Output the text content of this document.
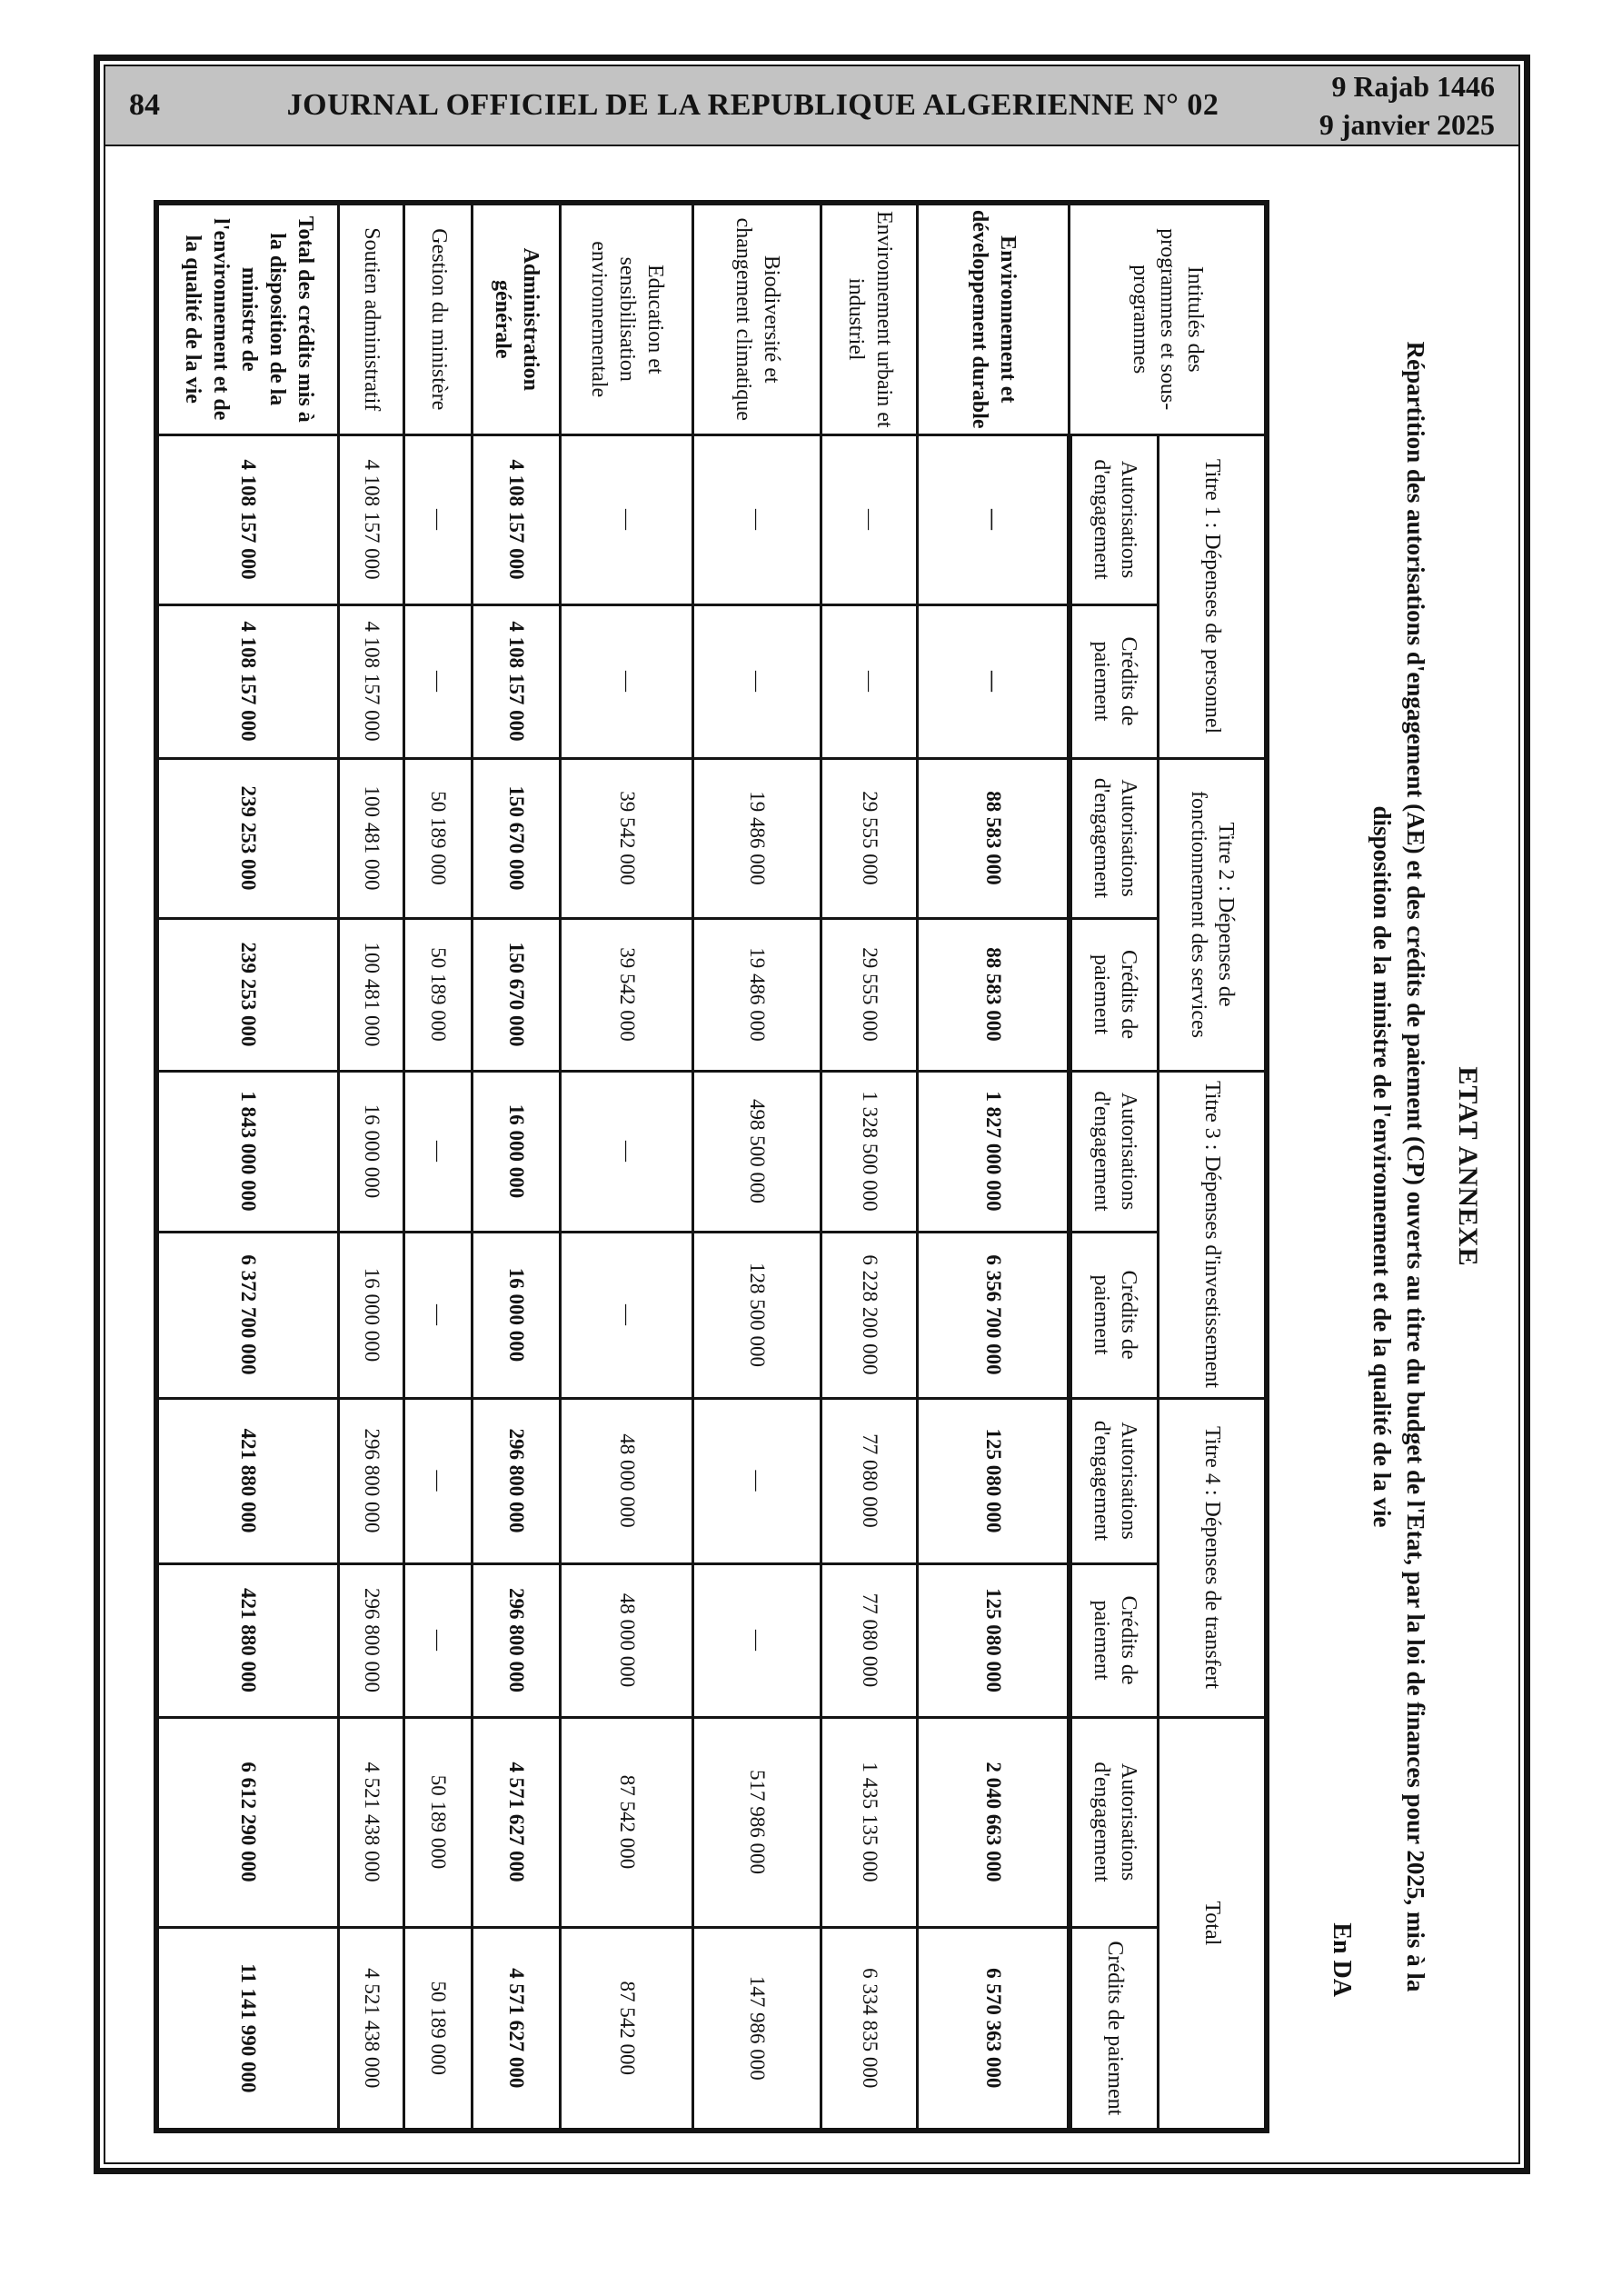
84	JOURNAL OFFICIEL DE LA REPUBLIQUE ALGERIENNE N° 02
9 Rajab 1446
9 janvier 2025
ETAT ANNEXE
Répartition des autorisations d'engagement (AE) et des crédits de paiement (CP) ouverts au titre du budget de l'Etat, par la loi de finances pour 2025, mis à la
disposition de la ministre de l'environnement et de la qualité de la vie
En DA
Intitulés des programmes et sous-programmes	Titre 1 : Dépenses de personnel		Titre 2 : Dépenses de fonctionnement des services		Titre 3 : Dépenses d'investissement		Titre 4 : Dépenses de transfert		Total	
	Autorisations d'engagement	Crédits de paiement	Autorisations d'engagement	Crédits de paiement	Autorisations d'engagement	Crédits de paiement	Autorisations d'engagement	Crédits de paiement	Autorisations d'engagement	Crédits de paiement
Environnement et développement durable	—	—	88 583 000	88 583 000	1 827 000 000	6 356 700 000	125 080 000	125 080 000	2 040 663 000	6 570 363 000
Environnement urbain et industriel	—	—	29 555 000	29 555 000	1 328 500 000	6 228 200 000	77 080 000	77 080 000	1 435 135 000	6 334 835 000
Biodiversité et changement climatique	—	—	19 486 000	19 486 000	498 500 000	128 500 000	—	—	517 986 000	147 986 000
Education et sensibilisation environnementale	—	—	39 542 000	39 542 000	—	—	48 000 000	48 000 000	87 542 000	87 542 000
Administration générale	4 108 157 000	4 108 157 000	150 670 000	150 670 000	16 000 000	16 000 000	296 800 000	296 800 000	4 571 627 000	4 571 627 000
Gestion du ministère	—	—	50 189 000	50 189 000	—	—	—	—	50 189 000	50 189 000
Soutien administratif	4 108 157 000	4 108 157 000	100 481 000	100 481 000	16 000 000	16 000 000	296 800 000	296 800 000	4 521 438 000	4 521 438 000
Total des crédits mis à la disposition de la ministre de l'environnement et de la qualité de la vie	4 108 157 000	4 108 157 000	239 253 000	239 253 000	1 843 000 000	6 372 700 000	421 880 000	421 880 000	6 612 290 000	11 141 990 000
